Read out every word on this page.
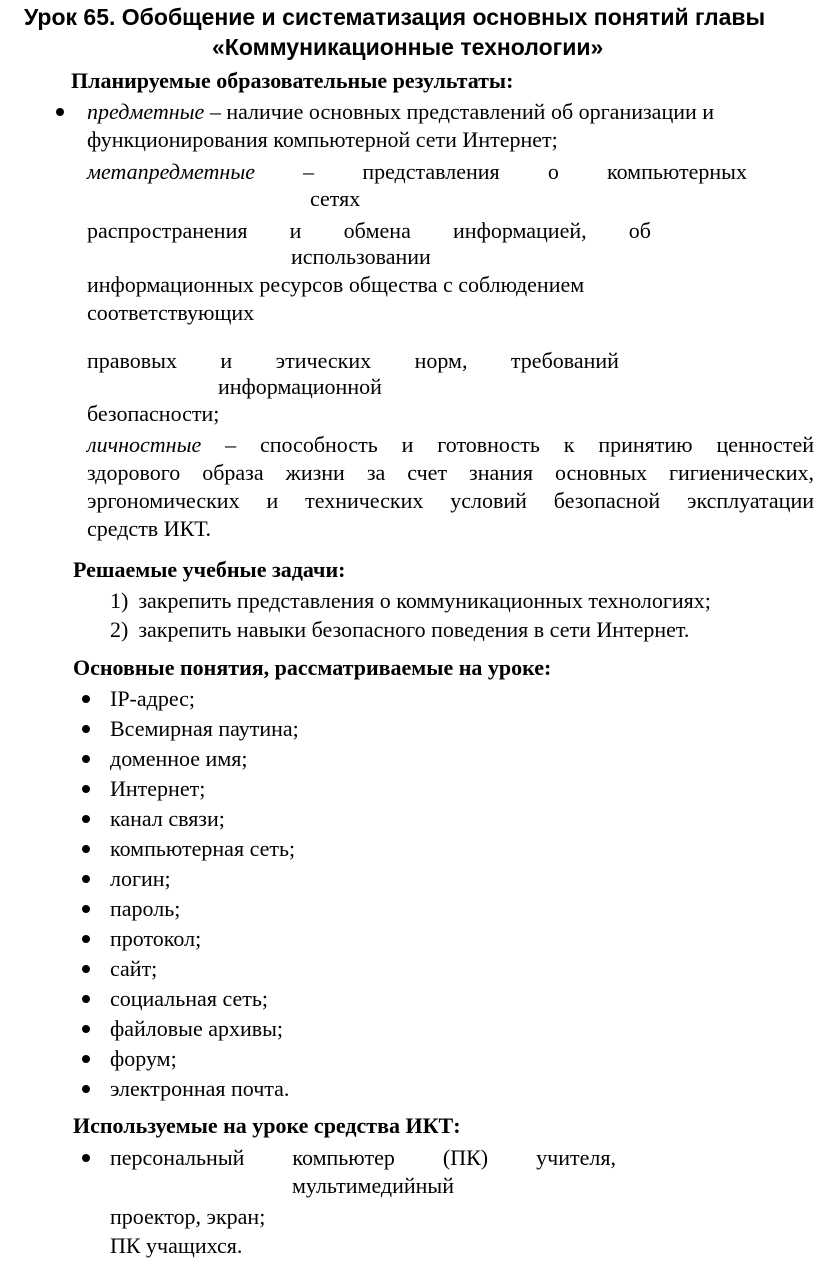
Урок 65. Обобщение и систематизация основных понятий главы
«Коммуникационные технологии»
Планируемые образовательные результаты:
предметные – наличие основных представлений об организации и
функционирования компьютерной сети Интернет;
метапредметные – представления о компьютерных
сетях
распространения и обмена информацией, об
использовании
информационных ресурсов общества с соблюдением
соответствующих
правовых и этических норм, требований
информационной
безопасности;
личностные – способность и готовность к принятию ценностей
здорового образа жизни за счет знания основных гигиенических,
эргономических и технических условий безопасной эксплуатации
средств ИКТ.
Решаемые учебные задачи:
1) закрепить представления о коммуникационных технологиях;
2) закрепить навыки безопасного поведения в сети Интернет.
Основные понятия, рассматриваемые на уроке:
IP-адрес;
Всемирная паутина;
доменное имя;
Интернет;
канал связи;
компьютерная сеть;
логин;
пароль;
протокол;
сайт;
социальная сеть;
файловые архивы;
форум;
электронная почта.
Используемые на уроке средства ИКТ:
персональный компьютер (ПК) учителя,
мультимедийный
проектор, экран;
ПК учащихся.
